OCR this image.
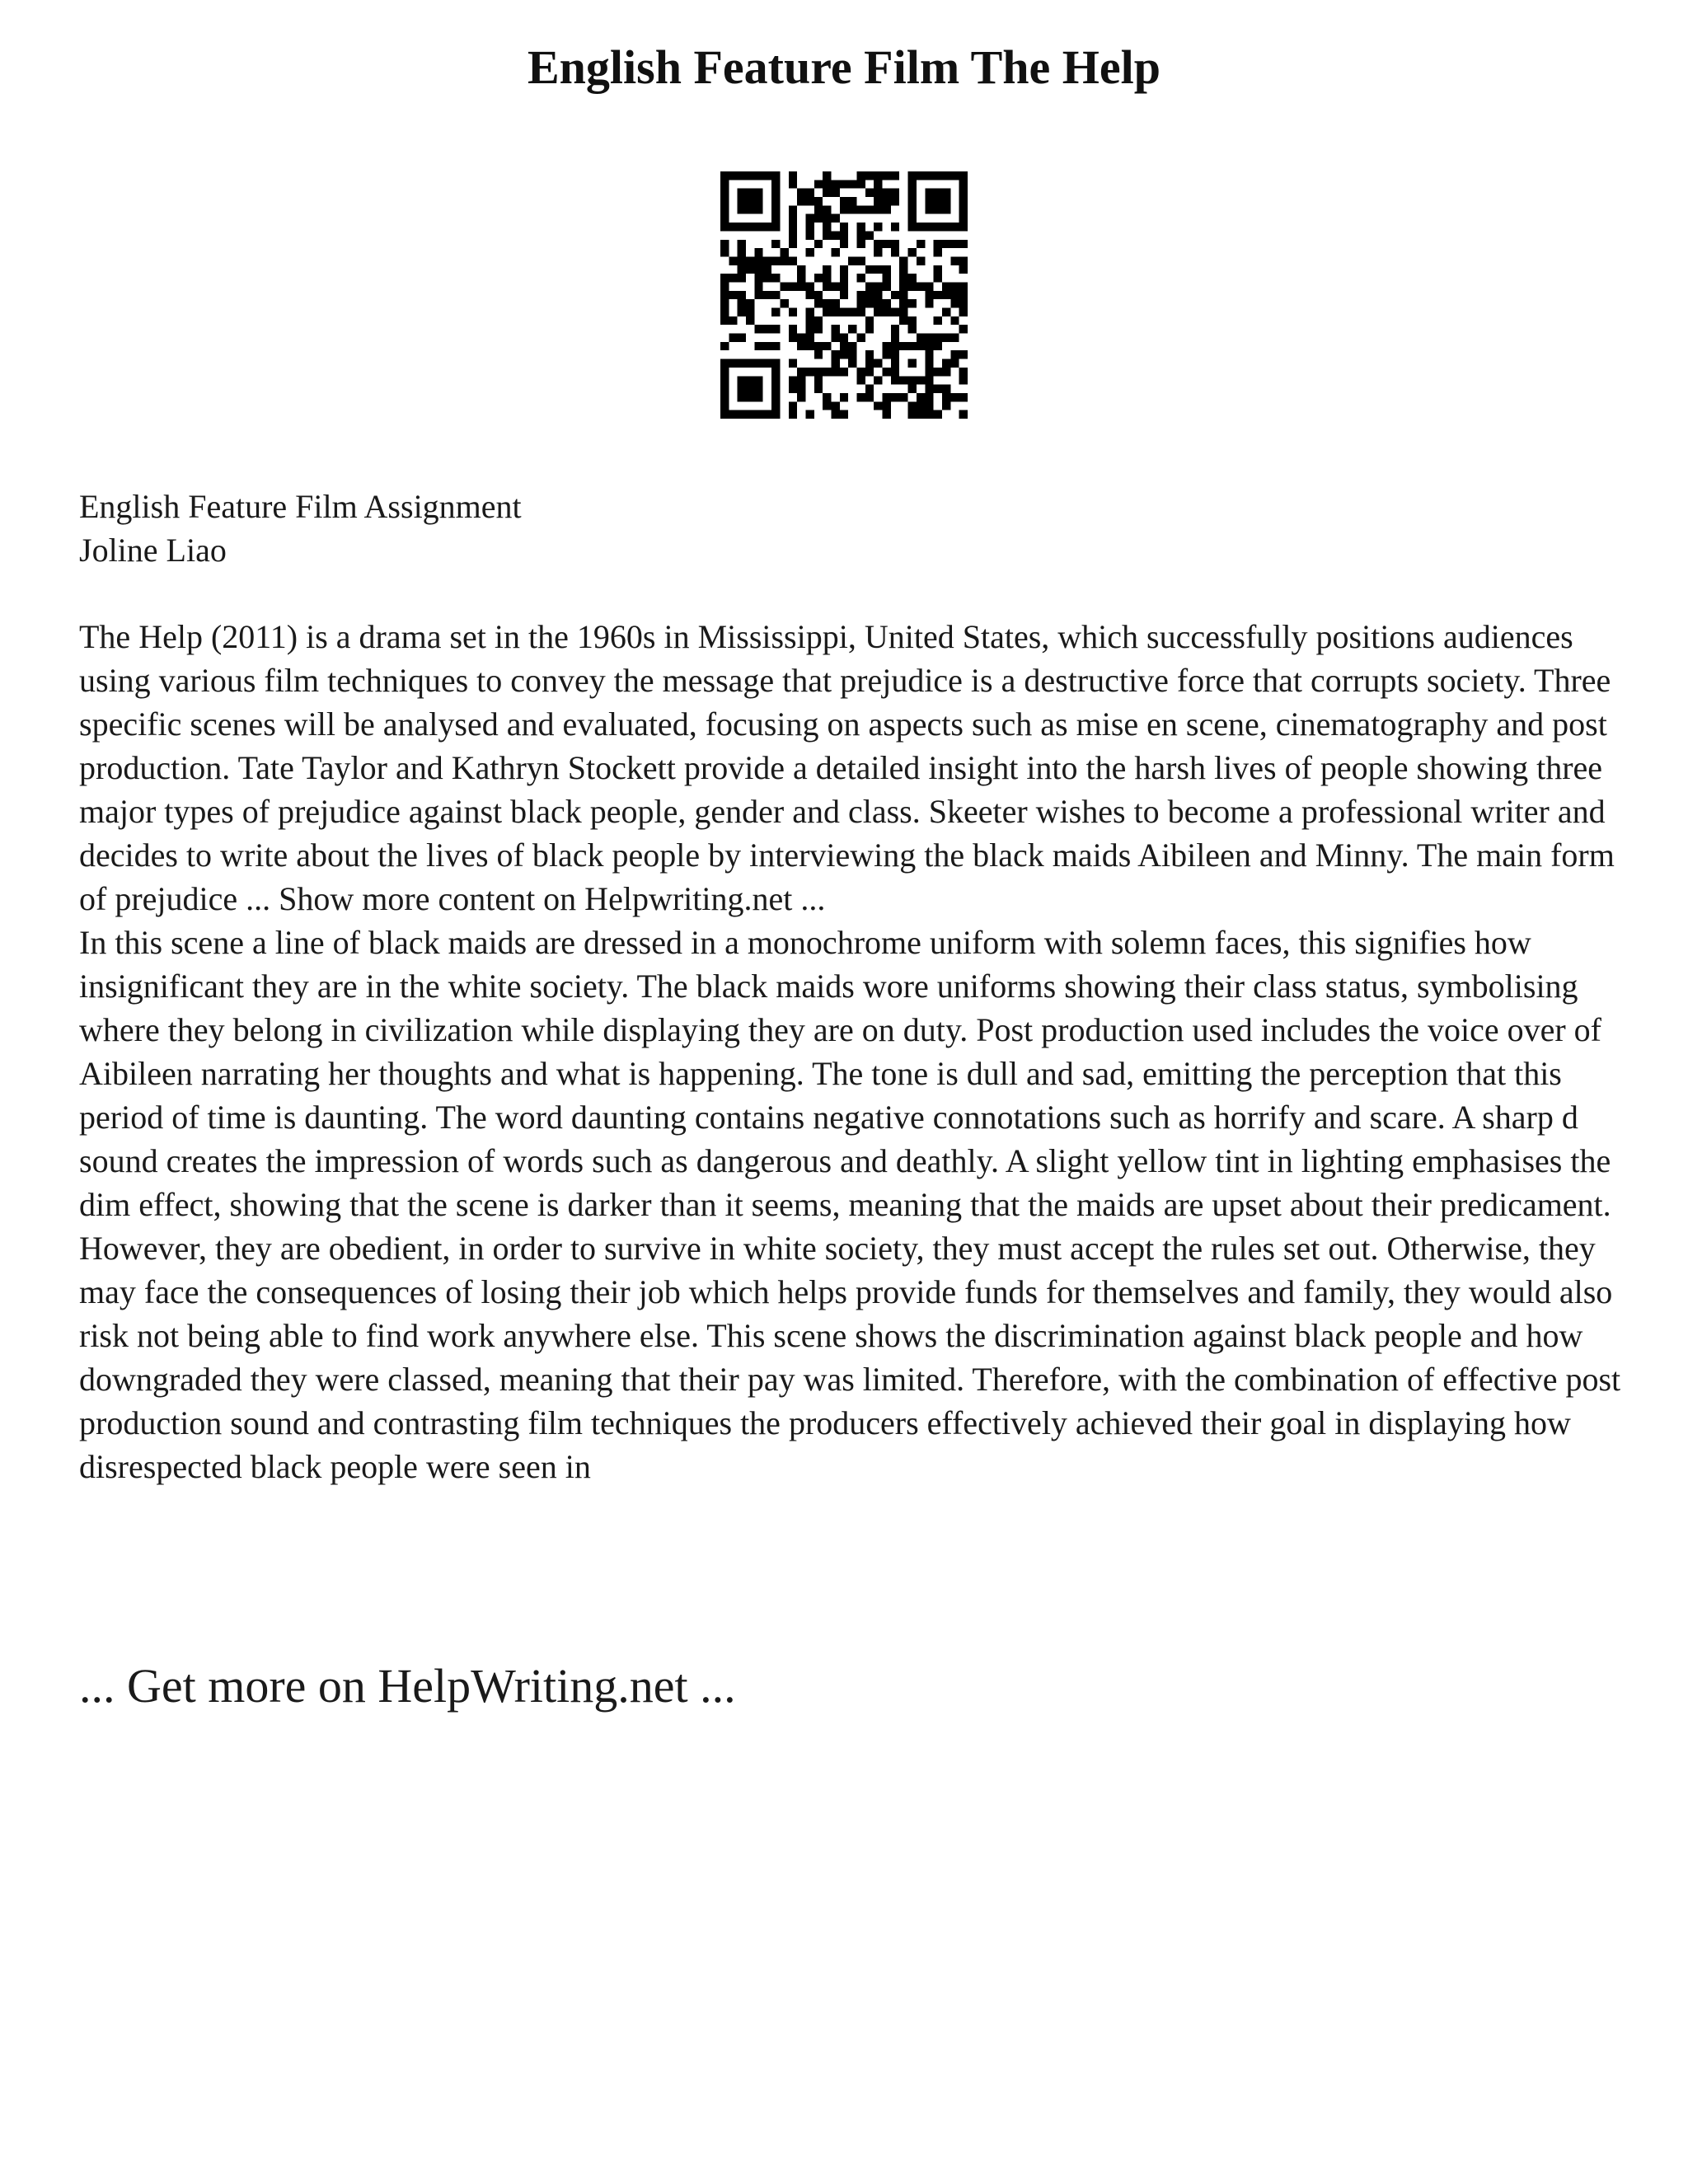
English Feature Film The Help
English Feature Film Assignment
Joline Liao

The Help (2011) is a drama set in the 1960s in Mississippi, United States, which successfully positions audiences using various film techniques to convey the message that prejudice is a destructive force that corrupts society. Three specific scenes will be analysed and evaluated, focusing on aspects such as mise en scene, cinematography and post production. Tate Taylor and Kathryn Stockett provide a detailed insight into the harsh lives of people showing three major types of prejudice against black people, gender and class. Skeeter wishes to become a professional writer and decides to write about the lives of black people by interviewing the black maids Aibileen and Minny. The main form of prejudice ... Show more content on Helpwriting.net ...

In this scene a line of black maids are dressed in a monochrome uniform with solemn faces, this signifies how insignificant they are in the white society. The black maids wore uniforms showing their class status, symbolising where they belong in civilization while displaying they are on duty. Post production used includes the voice over of Aibileen narrating her thoughts and what is happening. The tone is dull and sad, emitting the perception that this period of time is daunting. The word daunting contains negative connotations such as horrify and scare. A sharp d sound creates the impression of words such as dangerous and deathly. A slight yellow tint in lighting emphasises the dim effect, showing that the scene is darker than it seems, meaning that the maids are upset about their predicament. However, they are obedient, in order to survive in white society, they must accept the rules set out. Otherwise, they may face the consequences of losing their job which helps provide funds for themselves and family, they would also risk not being able to find work anywhere else. This scene shows the discrimination against black people and how downgraded they were classed, meaning that their pay was limited. Therefore, with the combination of effective post production sound and contrasting film techniques the producers effectively achieved their goal in displaying how disrespected black people were seen in

... Get more on HelpWriting.net ...
